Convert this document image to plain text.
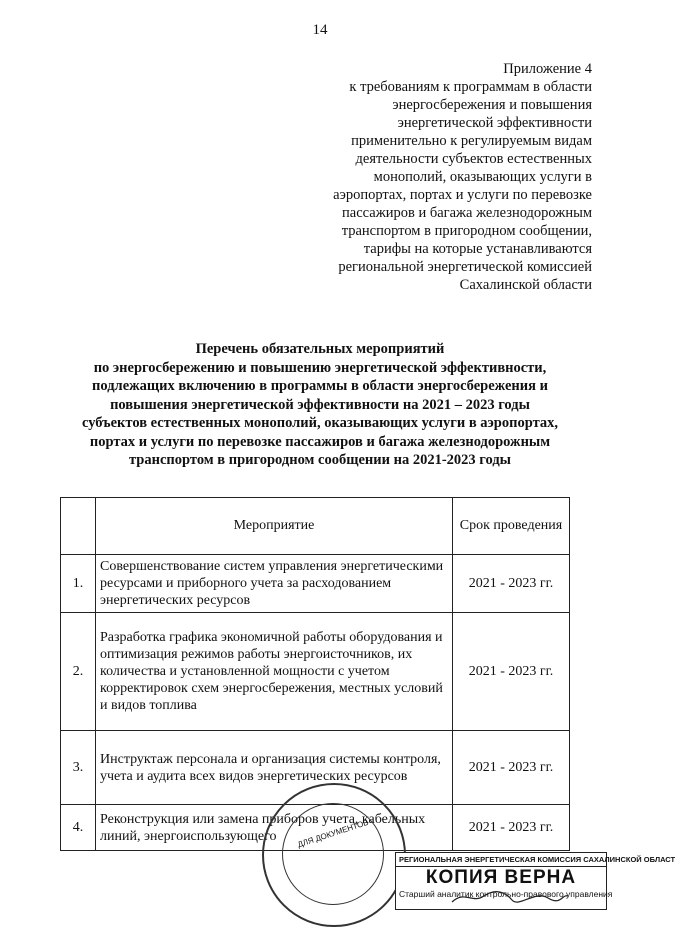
14
Приложение 4
к требованиям к программам в области
энергосбережения и повышения
энергетической эффективности
применительно к регулируемым видам
деятельности субъектов естественных
монополий, оказывающих услуги в
аэропортах, портах и услуги по перевозке
пассажиров и багажа железнодорожным
транспортом в пригородном сообщении,
тарифы на которые устанавливаются
региональной энергетической комиссией
Сахалинской области
Перечень обязательных мероприятий
по энергосбережению и повышению энергетической эффективности,
подлежащих включению в программы в области энергосбережения и
повышения энергетической эффективности на 2021 – 2023 годы
субъектов естественных монополий, оказывающих услуги в аэропортах,
портах и услуги по перевозке пассажиров и багажа железнодорожным
транспортом в пригородном сообщении на 2021-2023 годы
	Мероприятие	Срок проведения
1.	Совершенствование систем управления энергетическими ресурсами и приборного учета за расходованием энергетических ресурсов	2021 - 2023 гг.
2.	Разработка графика экономичной работы оборудования и оптимизация режимов работы энергоисточников, их количества и установленной мощности с учетом корректировок схем энергосбережения, местных условий и видов топлива	2021 - 2023 гг.
3.	Инструктаж персонала и организация системы контроля, учета и аудита всех видов энергетических ресурсов	2021 - 2023 гг.
4.	Реконструкция или замена приборов учета, кабельных линий, энергоиспользующего	2021 - 2023 гг.
ДЛЯ ДОКУМЕНТОВ
РЕГИОНАЛЬНАЯ ЭНЕРГЕТИЧЕСКАЯ КОМИССИЯ САХАЛИНСКОЙ ОБЛАСТ
КОПИЯ ВЕРНА
Старший аналитик контрольно-правового управления
